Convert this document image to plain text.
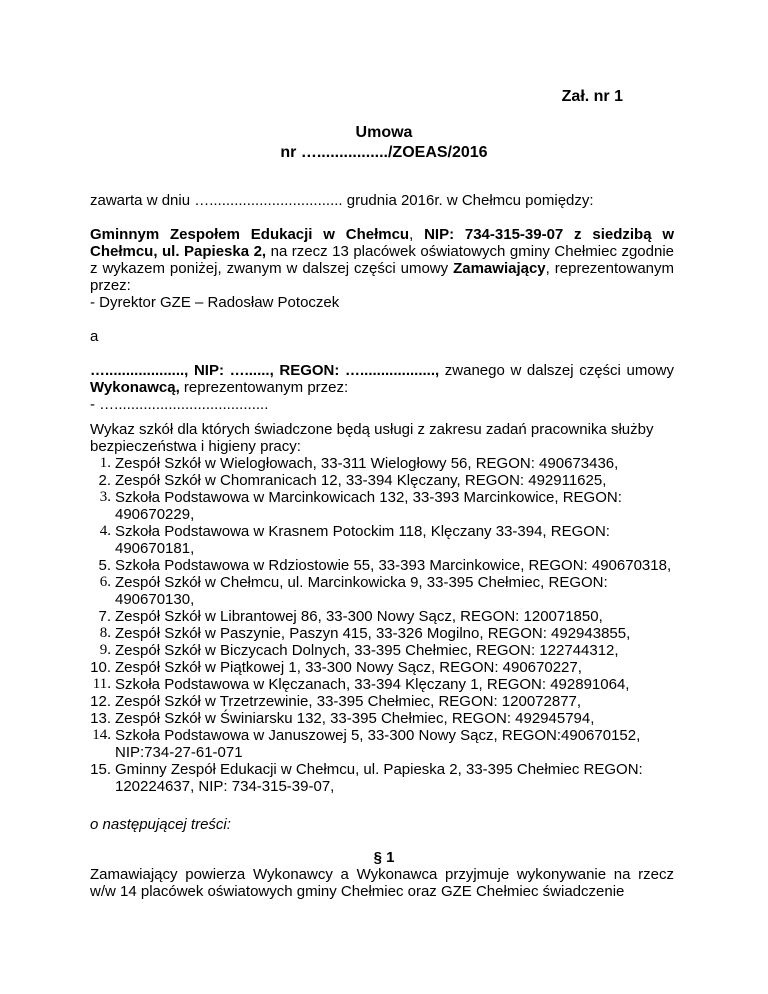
Zał. nr 1
Umowa
nr …................/ZOEAS/2016
zawarta w dniu …................................ grudnia 2016r. w Chełmcu pomiędzy:
Gminnym Zespołem Edukacji w Chełmcu, NIP: 734-315-39-07 z siedzibą w Chełmcu, ul. Papieska 2, na rzecz 13 placówek oświatowych gminy Chełmiec zgodnie z wykazem poniżej, zwanym w dalszej części umowy Zamawiający, reprezentowanym przez:
- Dyrektor GZE – Radosław Potoczek
a
…..................., NIP: …......, REGON: ….................., zwanego w dalszej części umowy Wykonawcą, reprezentowanym przez:
- ….....................................
Wykaz szkół dla których świadczone będą usługi z zakresu zadań pracownika służby bezpieczeństwa i higieny pracy:
1. Zespół Szkół w Wielogłowach, 33-311 Wielogłowy 56, REGON: 490673436,
2. Zespół Szkół w Chomranicach 12, 33-394 Klęczany, REGON: 492911625,
3. Szkoła Podstawowa w Marcinkowicach 132, 33-393 Marcinkowice, REGON: 490670229,
4. Szkoła Podstawowa w Krasnem Potockim 118, Klęczany 33-394, REGON: 490670181,
5. Szkoła Podstawowa w Rdziostowie 55, 33-393 Marcinkowice, REGON: 490670318,
6. Zespół Szkół w Chełmcu, ul. Marcinkowicka 9, 33-395 Chełmiec, REGON: 490670130,
7. Zespół Szkół w Librantowej 86, 33-300 Nowy Sącz, REGON: 120071850,
8. Zespół Szkół w Paszynie, Paszyn 415, 33-326 Mogilno, REGON: 492943855,
9. Zespół Szkół w Biczycach Dolnych, 33-395 Chełmiec, REGON: 122744312,
10. Zespół Szkół w Piątkowej 1, 33-300 Nowy Sącz, REGON: 490670227,
11. Szkoła Podstawowa w Klęczanach, 33-394 Klęczany 1, REGON: 492891064,
12. Zespół Szkół w Trzetrzewinie, 33-395 Chełmiec, REGON: 120072877,
13. Zespół Szkół w Świniarsku 132, 33-395 Chełmiec, REGON: 492945794,
14. Szkoła Podstawowa w Januszowej 5, 33-300 Nowy Sącz, REGON:490670152, NIP:734-27-61-071
15. Gminny Zespół Edukacji w Chełmcu, ul. Papieska 2, 33-395 Chełmiec REGON: 120224637, NIP: 734-315-39-07,
o następującej treści:
§ 1
Zamawiający powierza Wykonawcy a Wykonawca przyjmuje wykonywanie na rzecz w/w 14 placówek oświatowych gminy Chełmiec oraz GZE Chełmiec świadczenie
